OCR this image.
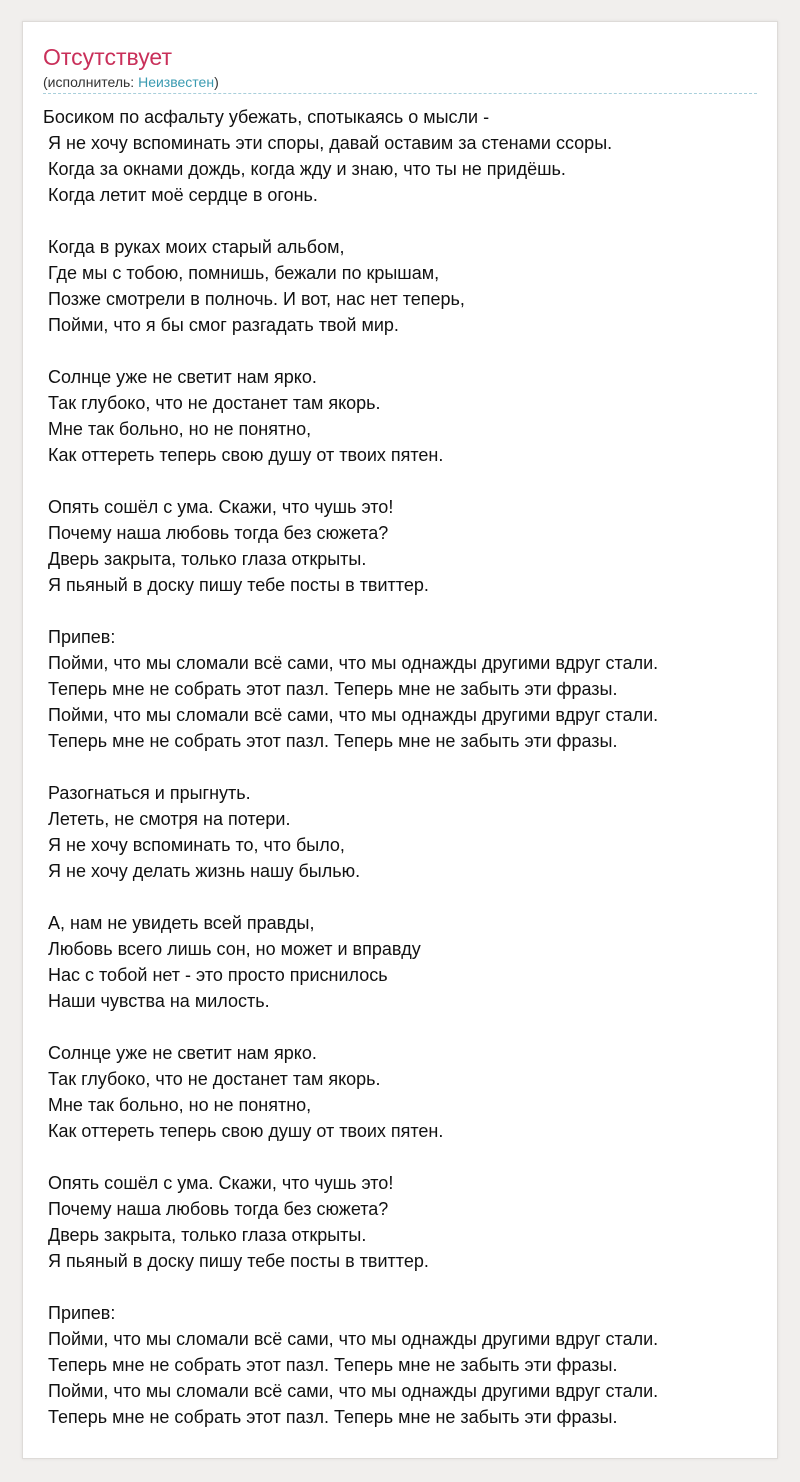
Отсутствует
(исполнитель: Неизвестен)
Босиком по асфальту убежать, спотыкаясь о мысли -
Я не хочу вспоминать эти споры, давай оставим за стенами ссоры.
Когда за окнами дождь, когда жду и знаю, что ты не придёшь.
Когда летит моё сердце в огонь.
Когда в руках моих старый альбом,
Где мы с тобою, помнишь, бежали по крышам,
Позже смотрели в полночь. И вот, нас нет теперь,
Пойми, что я бы смог разгадать твой мир.
Солнце уже не светит нам ярко.
Так глубоко, что не достанет там якорь.
Мне так больно, но не понятно,
Как оттереть теперь свою душу от твоих пятен.
Опять сошёл с ума. Скажи, что чушь это!
Почему наша любовь тогда без сюжета?
Дверь закрыта, только глаза открыты.
Я пьяный в доску пишу тебе посты в твиттер.
Припев:
Пойми, что мы сломали всё сами, что мы однажды другими вдруг стали.
Теперь мне не собрать этот пазл. Теперь мне не забыть эти фразы.
Пойми, что мы сломали всё сами, что мы однажды другими вдруг стали.
Теперь мне не собрать этот пазл. Теперь мне не забыть эти фразы.
Разогнаться и прыгнуть.
Лететь, не смотря на потери.
Я не хочу вспоминать то, что было,
Я не хочу делать жизнь нашу былью.
А, нам не увидеть всей правды,
Любовь всего лишь сон, но может и вправду
Нас с тобой нет - это просто приснилось
Наши чувства на милость.
Солнце уже не светит нам ярко.
Так глубоко, что не достанет там якорь.
Мне так больно, но не понятно,
Как оттереть теперь свою душу от твоих пятен.
Опять сошёл с ума. Скажи, что чушь это!
Почему наша любовь тогда без сюжета?
Дверь закрыта, только глаза открыты.
Я пьяный в доску пишу тебе посты в твиттер.
Припев:
Пойми, что мы сломали всё сами, что мы однажды другими вдруг стали.
Теперь мне не собрать этот пазл. Теперь мне не забыть эти фразы.
Пойми, что мы сломали всё сами, что мы однажды другими вдруг стали.
Теперь мне не собрать этот пазл. Теперь мне не забыть эти фразы.
